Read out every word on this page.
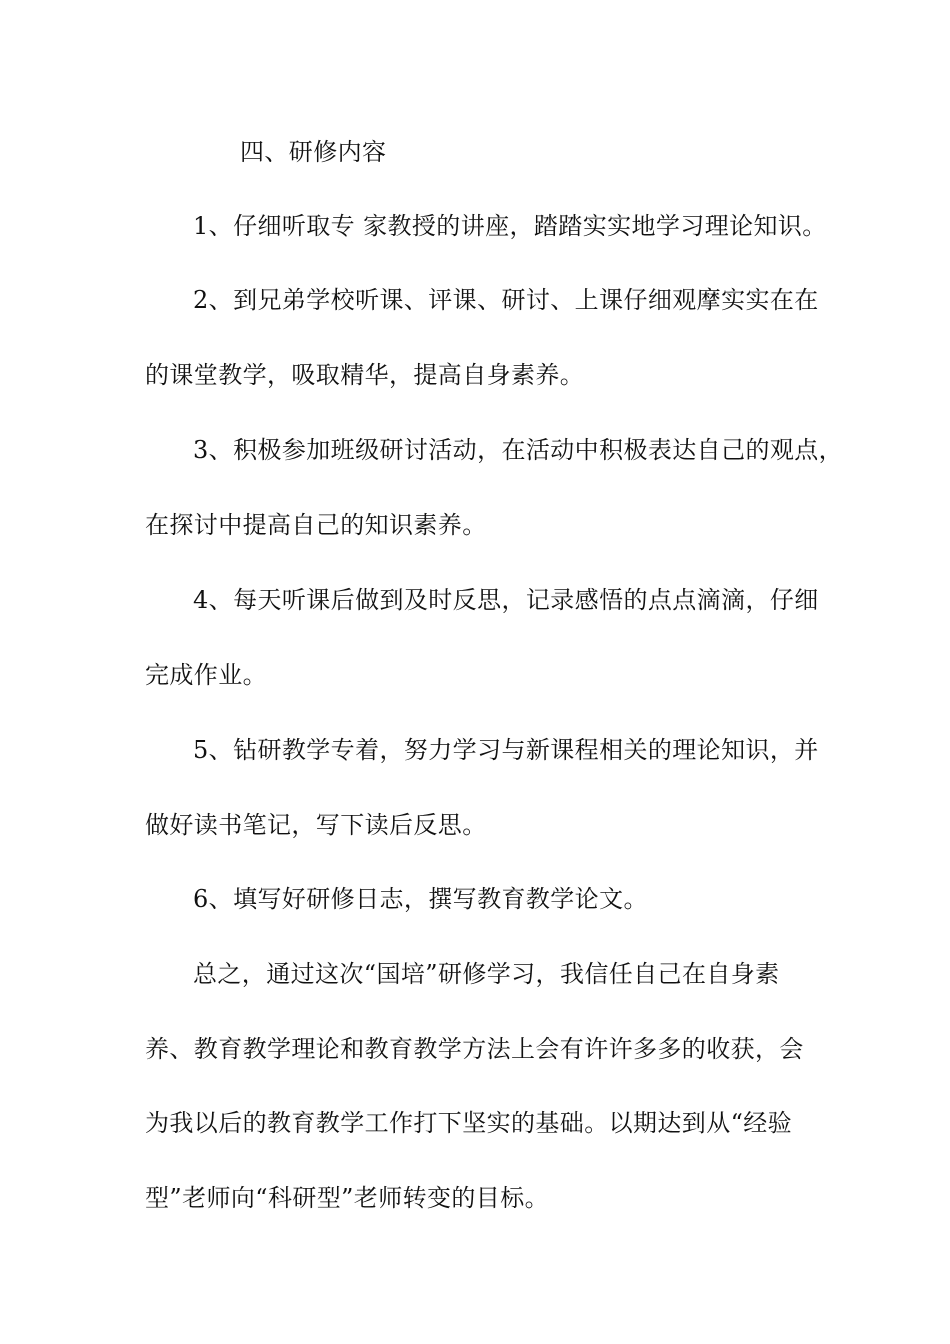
四、研修内容
1、仔细听取专 家教授的讲座，踏踏实实地学习理论知识。
2、到兄弟学校听课、评课、研讨、上课仔细观摩实实在在
的课堂教学，吸取精华，提高自身素养。
3、积极参加班级研讨活动，在活动中积极表达自己的观点，
在探讨中提高自己的知识素养。
4、每天听课后做到及时反思，记录感悟的点点滴滴，仔细
完成作业。
5、钻研教学专着，努力学习与新课程相关的理论知识，并
做好读书笔记，写下读后反思。
6、填写好研修日志，撰写教育教学论文。
总之，通过这次“国培”研修学习，我信任自己在自身素
养、教育教学理论和教育教学方法上会有许许多多的收获，会
为我以后的教育教学工作打下坚实的基础。以期达到从“经验
型”老师向“科研型”老师转变的目标。
